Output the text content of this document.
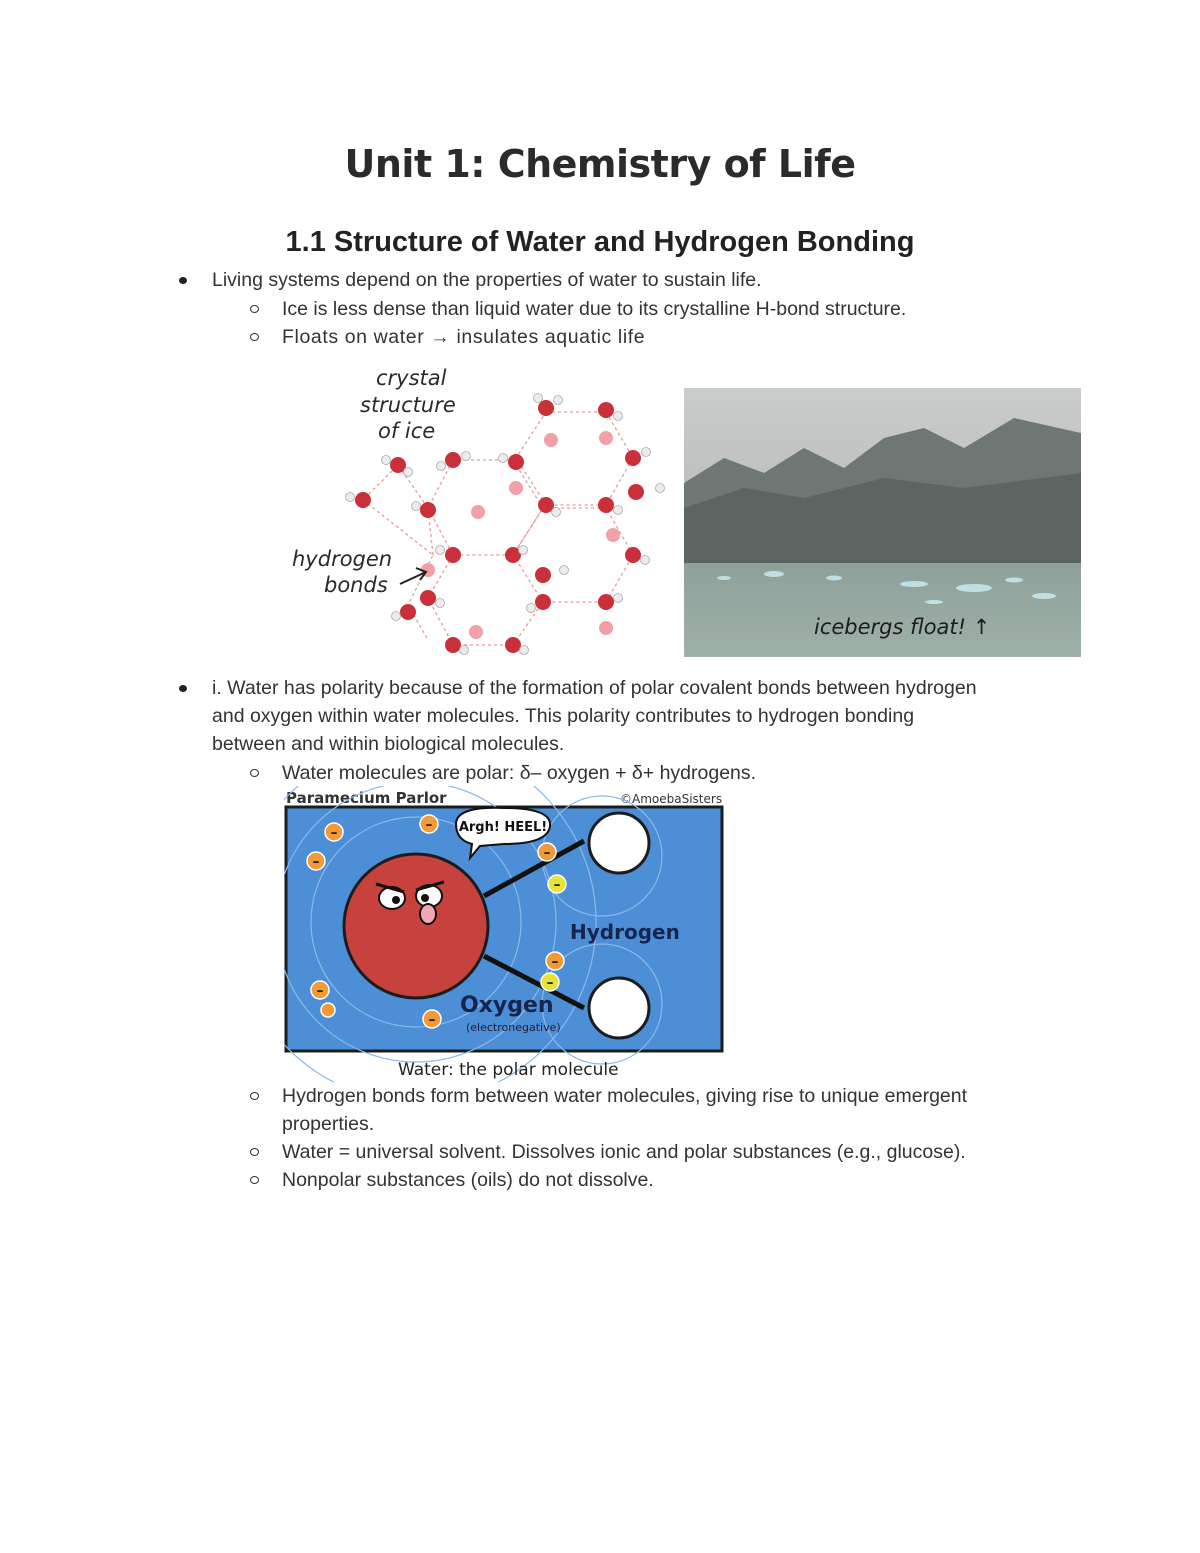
Unit 1: Chemistry of Life
1.1 Structure of Water and Hydrogen Bonding
Living systems depend on the properties of water to sustain life.
Ice is less dense than liquid water due to its crystalline H-bond structure.
Floats on water → insulates aquatic life
crystal structure of ice
hydrogen bonds
icebergs float! ↑
i. Water has polarity because of the formation of polar covalent bonds between hydrogen
and oxygen within water molecules. This polarity contributes to hydrogen bonding
between and within biological molecules.
Water molecules are polar: δ– oxygen + δ+ hydrogens.
Paramecium Parlor	©AmoebaSisters
–	–
–
–
–
–
–
–
–
Argh! HEEL!
Hydrogen
Oxygen
(electronegative)
Water: the polar molecule
Hydrogen bonds form between water molecules, giving rise to unique emergent
properties.
Water = universal solvent. Dissolves ionic and polar substances (e.g., glucose).
Nonpolar substances (oils) do not dissolve.
